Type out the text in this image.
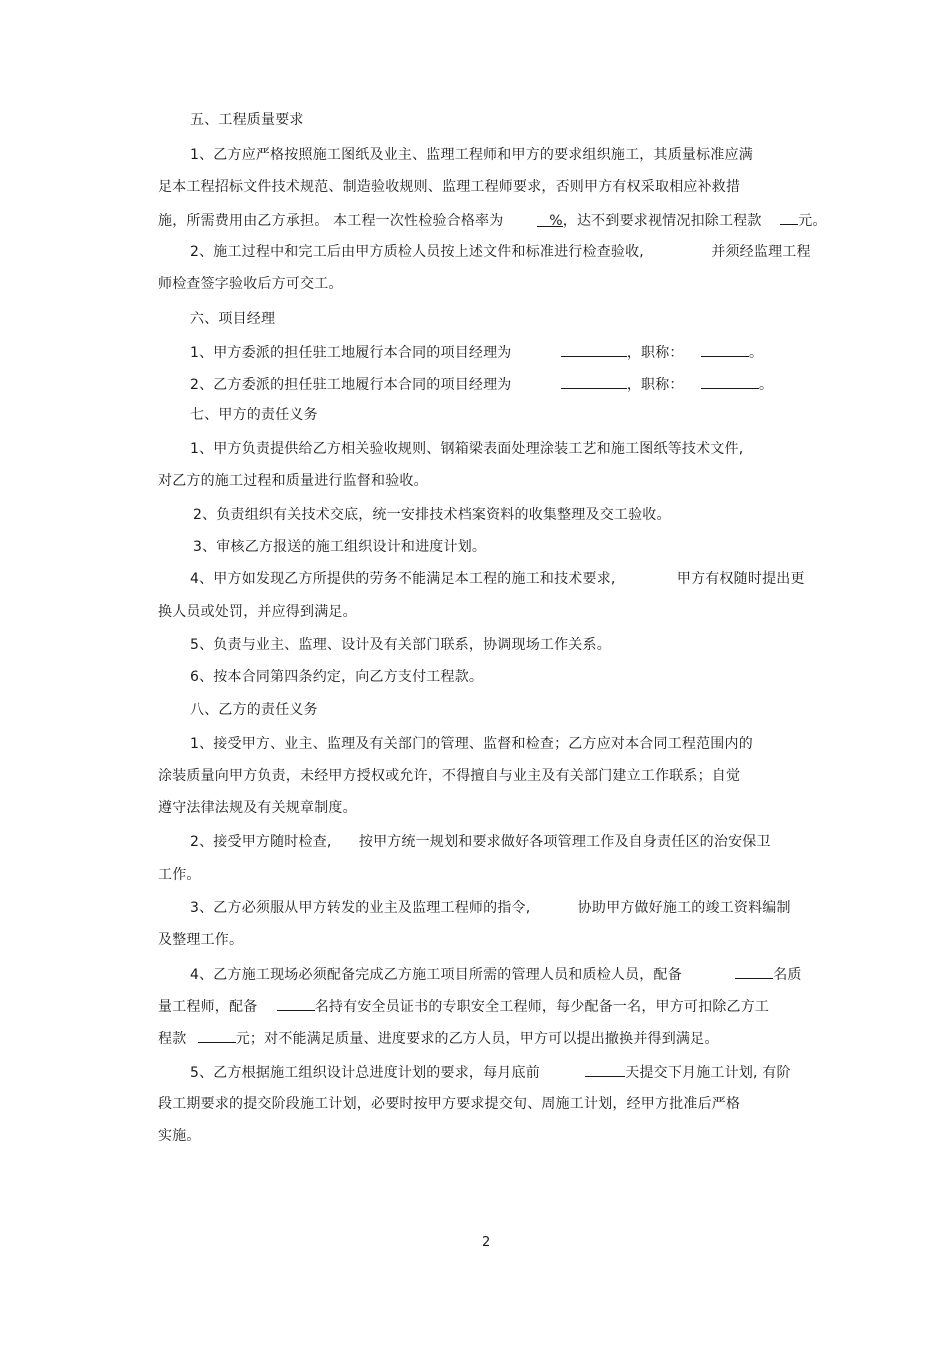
五、工程质量要求
1、乙方应严格按照施工图纸及业主、监理工程师和甲方的要求组织施工，其质量标准应满
足本工程招标文件技术规范、制造验收规则、监理工程师要求，否则甲方有权采取相应补救措
施，所需费用由乙方承担。 本工程一次性检验合格率为	%，达不到要求视情况扣除工程款	元。
2、施工过程中和完工后由甲方质检人员按上述文件和标准进行检查验收,	并须经监理工程
师检查签字验收后方可交工。
六、项目经理
1、甲方委派的担任驻工地履行本合同的项目经理为	，职称：	。
2、乙方委派的担任驻工地履行本合同的项目经理为	，职称：	。
七、甲方的责任义务
1、甲方负责提供给乙方相关验收规则、钢箱梁表面处理涂装工艺和施工图纸等技术文件,
对乙方的施工过程和质量进行监督和验收。
2、负责组织有关技术交底，统一安排技术档案资料的收集整理及交工验收。
3、审核乙方报送的施工组织设计和进度计划。
4、甲方如发现乙方所提供的劳务不能满足本工程的施工和技术要求,	甲方有权随时提出更
换人员或处罚，并应得到满足。
5、负责与业主、监理、设计及有关部门联系，协调现场工作关系。
6、按本合同第四条约定，向乙方支付工程款。
八、乙方的责任义务
1、接受甲方、业主、监理及有关部门的管理、监督和检查；乙方应对本合同工程范围内的
涂装质量向甲方负责，未经甲方授权或允许，不得擅自与业主及有关部门建立工作联系；自觉
遵守法律法规及有关规章制度。
2、接受甲方随时检查, 按甲方统一规划和要求做好各项管理工作及自身责任区的治安保卫
工作。
3、乙方必须服从甲方转发的业主及监理工程师的指令,	协助甲方做好施工的竣工资料编制
及整理工作。
4、乙方施工现场必须配备完成乙方施工项目所需的管理人员和质检人员，配备	名质
量工程师，配备	名持有安全员证书的专职安全工程师，每少配备一名，甲方可扣除乙方工
程款	元；对不能满足质量、进度要求的乙方人员，甲方可以提出撤换并得到满足。
5、乙方根据施工组织设计总进度计划的要求，每月底前	天提交下月施工计划, 有阶
段工期要求的提交阶段施工计划，必要时按甲方要求提交旬、周施工计划，经甲方批准后严格
实施。
2
